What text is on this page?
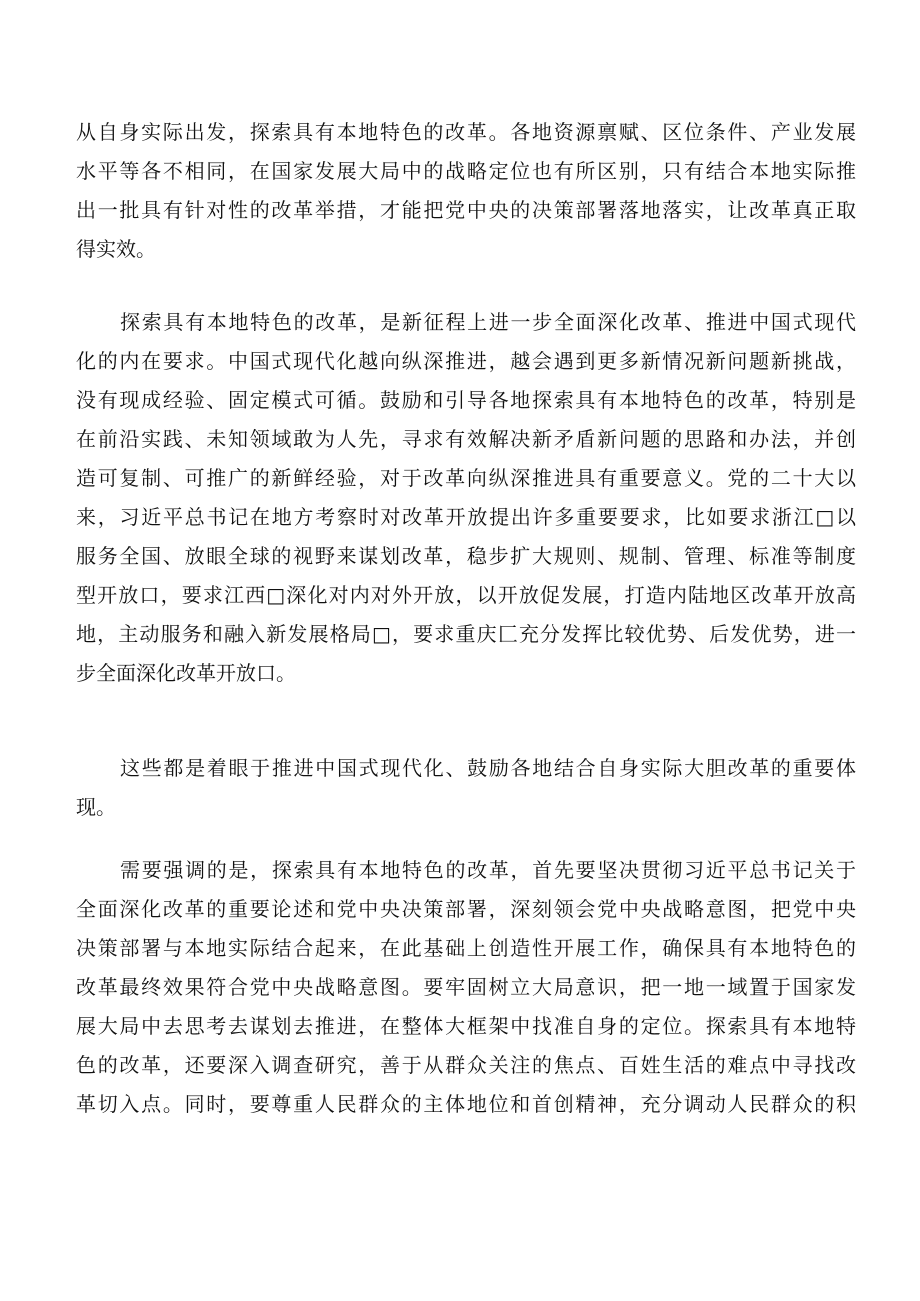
从自身实际出发，探索具有本地特色的改革。各地资源禀赋、区位条件、产业发展
水平等各不相同，在国家发展大局中的战略定位也有所区别，只有结合本地实际推
出一批具有针对性的改革举措，才能把党中央的决策部署落地落实，让改革真正取
得实效。
探索具有本地特色的改革，是新征程上进一步全面深化改革、推进中国式现代
化的内在要求。中国式现代化越向纵深推进，越会遇到更多新情况新问题新挑战，
没有现成经验、固定模式可循。鼓励和引导各地探索具有本地特色的改革，特别是
在前沿实践、未知领域敢为人先，寻求有效解决新矛盾新问题的思路和办法，并创
造可复制、可推广的新鲜经验，对于改革向纵深推进具有重要意义。党的二十大以
来，习近平总书记在地方考察时对改革开放提出许多重要要求，比如要求浙江□以
服务全国、放眼全球的视野来谋划改革，稳步扩大规则、规制、管理、标准等制度
型开放口，要求江西□深化对内对外开放，以开放促发展，打造内陆地区改革开放高
地，主动服务和融入新发展格局□，要求重庆匚充分发挥比较优势、后发优势，进一
步全面深化改革开放口。
这些都是着眼于推进中国式现代化、鼓励各地结合自身实际大胆改革的重要体
现。
需要强调的是，探索具有本地特色的改革，首先要坚决贯彻习近平总书记关于
全面深化改革的重要论述和党中央决策部署，深刻领会党中央战略意图，把党中央
决策部署与本地实际结合起来，在此基础上创造性开展工作，确保具有本地特色的
改革最终效果符合党中央战略意图。要牢固树立大局意识，把一地一域置于国家发
展大局中去思考去谋划去推进，在整体大框架中找准自身的定位。探索具有本地特
色的改革，还要深入调查研究，善于从群众关注的焦点、百姓生活的难点中寻找改
革切入点。同时，要尊重人民群众的主体地位和首创精神，充分调动人民群众的积
